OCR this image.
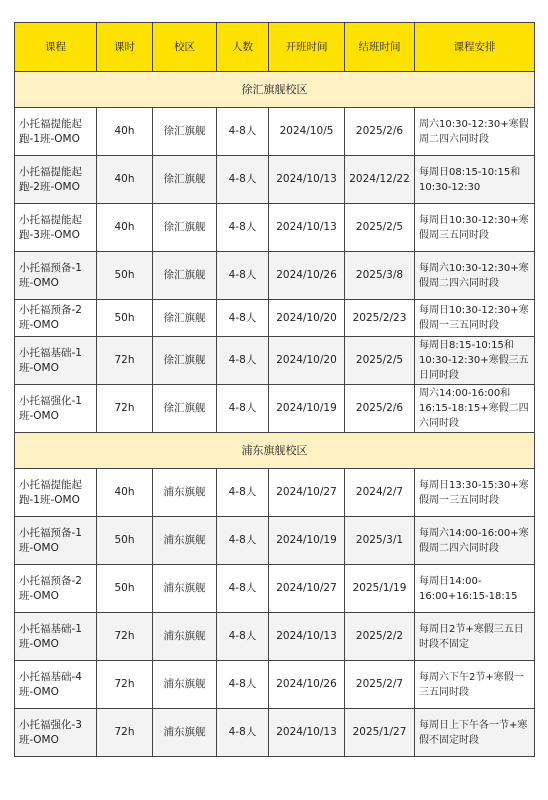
课程	课时	校区	人数	开班时间	结班时间	课程安排
徐汇旗舰校区						
小托福提能起跑-1班-OMO	40h	徐汇旗舰	4-8人	2024/10/5	2025/2/6	周六10:30-12:30+寒假周二四六同时段
小托福提能起跑-2班-OMO	40h	徐汇旗舰	4-8人	2024/10/13	2024/12/22	每周日08:15-10:15和10:30-12:30
小托福提能起跑-3班-OMO	40h	徐汇旗舰	4-8人	2024/10/13	2025/2/5	每周日10:30-12:30+寒假周三五同时段
小托福预备-1班-OMO	50h	徐汇旗舰	4-8人	2024/10/26	2025/3/8	每周六10:30-12:30+寒假周二四六同时段
小托福预备-2班-OMO	50h	徐汇旗舰	4-8人	2024/10/20	2025/2/23	每周日10:30-12:30+寒假周一三五同时段
小托福基础-1班-OMO	72h	徐汇旗舰	4-8人	2024/10/20	2025/2/5	每周日8:15-10:15和10:30-12:30+寒假三五日同时段
小托福强化-1班-OMO	72h	徐汇旗舰	4-8人	2024/10/19	2025/2/6	周六14:00-16:00和16:15-18:15+寒假二四六同时段
浦东旗舰校区						
小托福提能起跑-1班-OMO	40h	浦东旗舰	4-8人	2024/10/27	2024/2/7	每周日13:30-15:30+寒假周一三五同时段
小托福预备-1班-OMO	50h	浦东旗舰	4-8人	2024/10/19	2025/3/1	每周六14:00-16:00+寒假周二四六同时段
小托福预备-2班-OMO	50h	浦东旗舰	4-8人	2024/10/27	2025/1/19	每周日14:00-16:00+16:15-18:15
小托福基础-1班-OMO	72h	浦东旗舰	4-8人	2024/10/13	2025/2/2	每周日2节+寒假三五日时段不固定
小托福基础-4班-OMO	72h	浦东旗舰	4-8人	2024/10/26	2025/2/7	每周六下午2节+寒假一三五同时段
小托福强化-3班-OMO	72h	浦东旗舰	4-8人	2024/10/13	2025/1/27	每周日上下午各一节+寒假不固定时段
